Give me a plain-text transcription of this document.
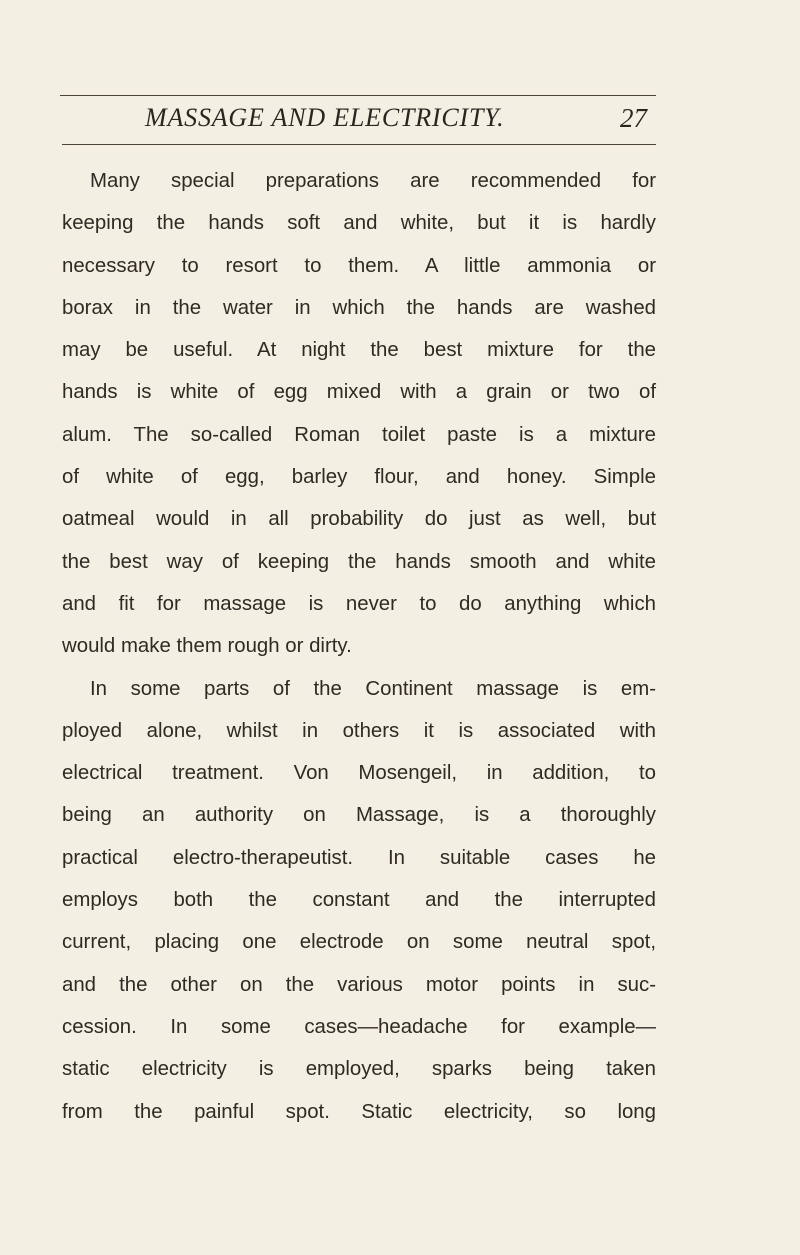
MASSAGE AND ELECTRICITY.	27
Many special preparations are recommended for
keeping the hands soft and white, but it is hardly
necessary to resort to them. A little ammonia or
borax in the water in which the hands are washed
may be useful. At night the best mixture for the
hands is white of egg mixed with a grain or two of
alum. The so-called Roman toilet paste is a mixture
of white of egg, barley flour, and honey. Simple
oatmeal would in all probability do just as well, but
the best way of keeping the hands smooth and white
and fit for massage is never to do anything which
would make them rough or dirty.
In some parts of the Continent massage is em-
ployed alone, whilst in others it is associated with
electrical treatment. Von Mosengeil, in addition, to
being an authority on Massage, is a thoroughly
practical electro-therapeutist. In suitable cases he
employs both the constant and the interrupted
current, placing one electrode on some neutral spot,
and the other on the various motor points in suc-
cession. In some cases—headache for example—
static electricity is employed, sparks being taken
from the painful spot. Static electricity, so long
